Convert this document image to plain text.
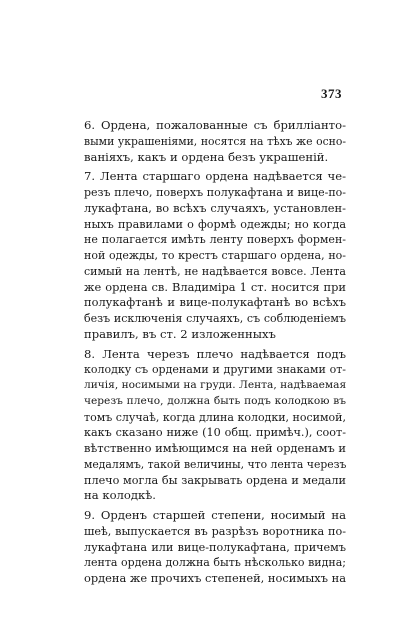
373
6. Ордена, пожалованные съ брилліанто-
выми украшеніями, носятся на тѣхъ же осно-
ваніяхъ, какъ и ордена безъ украшеній.
7. Лента старшаго ордена надѣвается че-
резъ плечо, поверхъ полукафтана и вице-по-
лукафтана, во всѣхъ случаяхъ, установлен-
ныхъ правилами о формѣ одежды; но когда
не полагается имѣть ленту поверхъ формен-
ной одежды, то крестъ старшаго ордена, но-
симый на лентѣ, не надѣвается вовсе. Лента
же ордена св. Владиміра 1 ст. носится при
полукафтанѣ и вице-полукафтанѣ во всѣхъ
безъ исключенія случаяхъ, съ соблюденіемъ
правилъ, въ ст. 2 изложенныхъ
8. Лента черезъ плечо надѣвается подъ
колодку съ орденами и другими знаками от-
личія, носимыми на груди. Лента, надѣваемая
черезъ плечо, должна быть подъ колодкою въ
томъ случаѣ, когда длина колодки, носимой,
какъ сказано ниже (10 общ. примѣч.), соот-
вѣтственно имѣющимся на ней орденамъ и
медалямъ, такой величины, что лента черезъ
плечо могла бы закрывать ордена и медали
на колодкѣ.
9. Орденъ старшей степени, носимый на
шеѣ, выпускается въ разрѣзъ воротника по-
лукафтана или вице-полукафтана, причемъ
лента ордена должна быть нѣсколько видна;
ордена же прочихъ степеней, носимыхъ на
